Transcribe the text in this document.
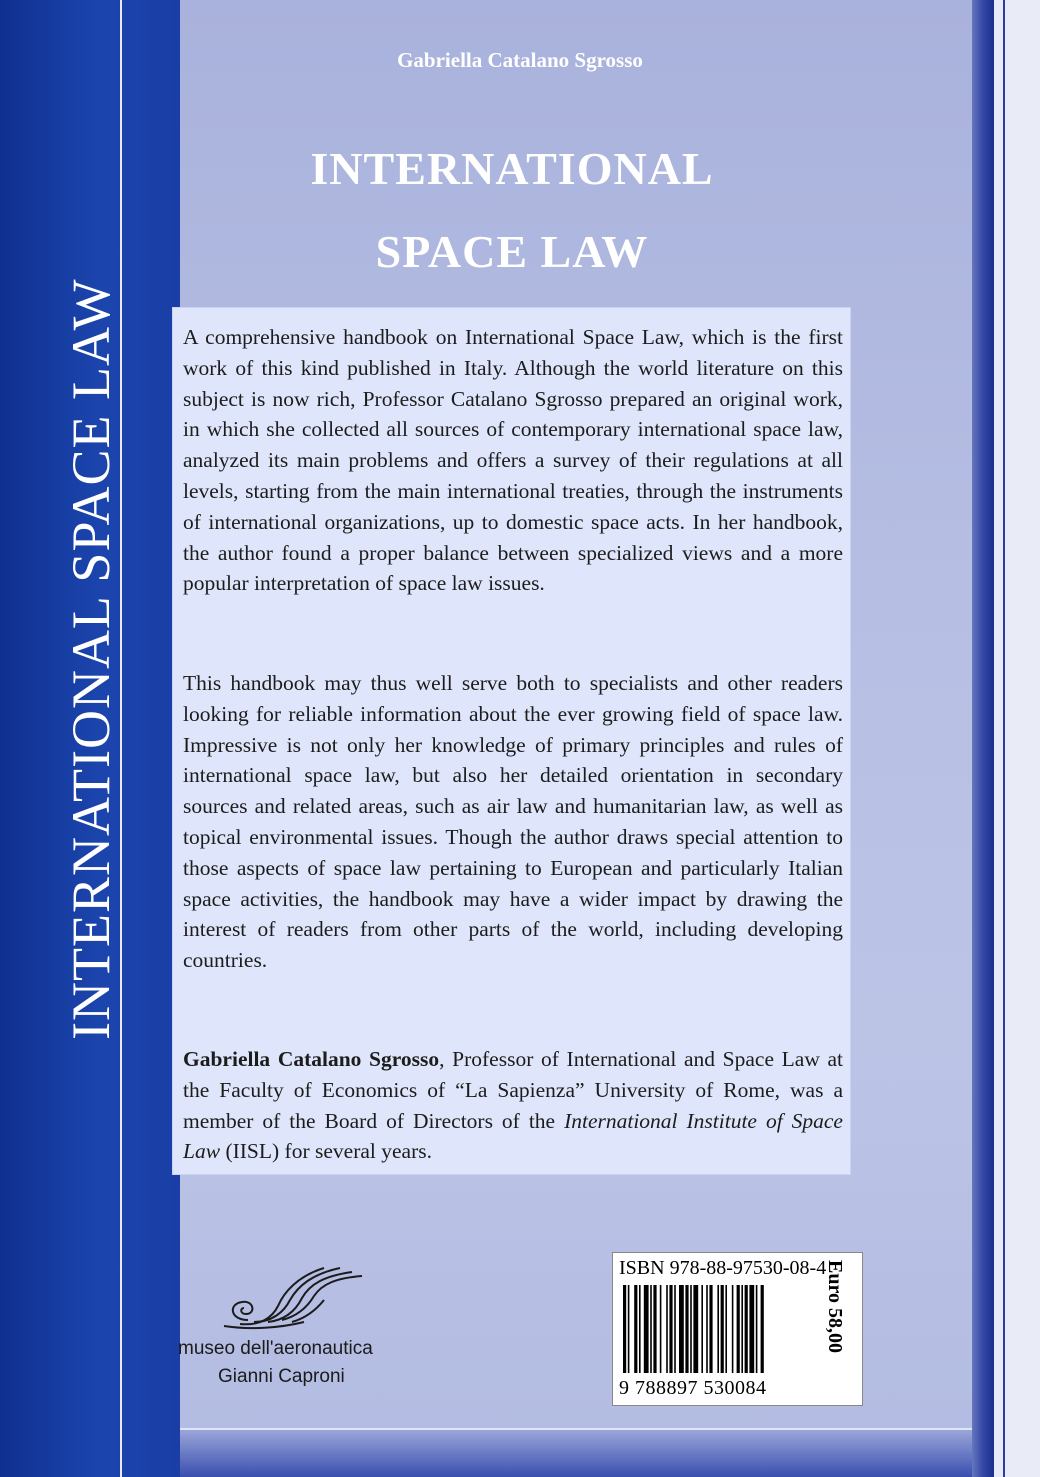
INTERNATIONAL SPACE LAW
Gabriella Catalano Sgrosso
INTERNATIONAL
SPACE LAW
A comprehensive handbook on International Space Law, which is the first work of this kind published in Italy. Although the world literature on this subject is now rich, Professor Catalano Sgrosso prepared an original work, in which she collected all sources of contemporary international space law, analyzed its main problems and offers a survey of their regulations at all levels, starting from the main international treaties, through the instruments of international organizations, up to domestic space acts. In her handbook, the author found a proper balance between specialized views and a more popular interpretation of space law issues.
This handbook may thus well serve both to specialists and other readers looking for reliable information about the ever growing field of space law. Impressive is not only her knowledge of primary principles and rules of international space law, but also her detailed orientation in secondary sources and related areas, such as air law and humanitarian law, as well as topical environmental issues. Though the author draws special attention to those aspects of space law pertaining to European and particularly Italian space activities, the handbook may have a wider impact by drawing the interest of readers from other parts of the world, including developing countries.
Gabriella Catalano Sgrosso, Professor of International and Space Law at the Faculty of Economics of “La Sapienza” University of Rome, was a member of the Board of Directors of the International Institute of Space Law (IISL) for several years.
museo dell'aeronautica
Gianni Caproni
ISBN 978-88-97530-08-4
9 788897 530084
Euro 58,00
